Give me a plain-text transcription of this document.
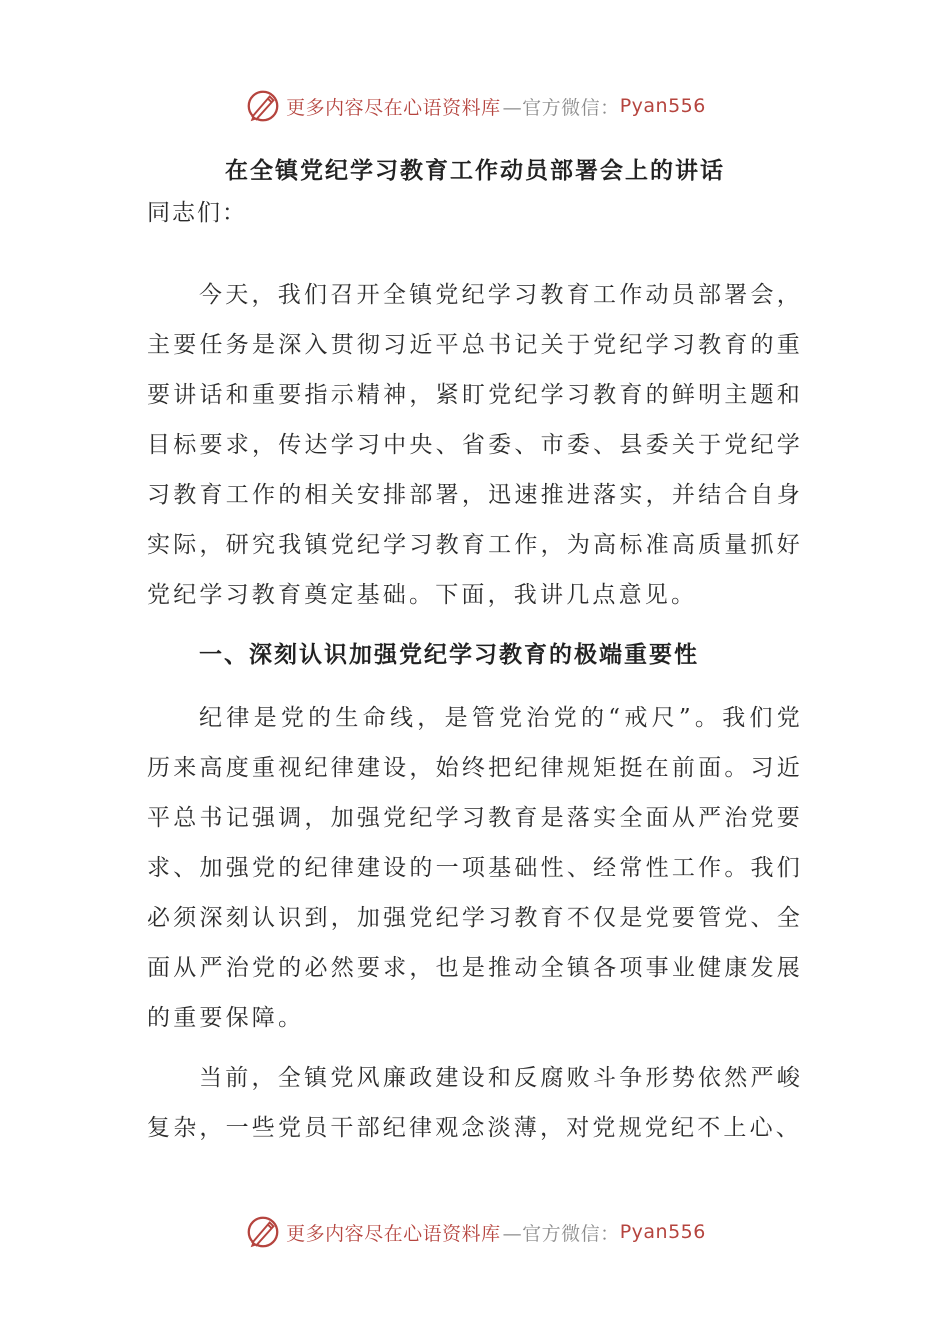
更多内容尽在心语资料库 —官方微信： Pyan556
在全镇党纪学习教育工作动员部署会上的讲话
同志们：

今天，我们召开全镇党纪学习教育工作动员部署会，主要任务是深入贯彻习近平总书记关于党纪学习教育的重要讲话和重要指示精神，紧盯党纪学习教育的鲜明主题和目标要求，传达学习中央、省委、市委、县委关于党纪学习教育工作的相关安排部署，迅速推进落实，并结合自身实际，研究我镇党纪学习教育工作，为高标准高质量抓好党纪学习教育奠定基础。下面，我讲几点意见。

一、深刻认识加强党纪学习教育的极端重要性

纪律是党的生命线，是管党治党的“戒尺”。我们党历来高度重视纪律建设，始终把纪律规矩挺在前面。习近平总书记强调，加强党纪学习教育是落实全面从严治党要求、加强党的纪律建设的一项基础性、经常性工作。我们必须深刻认识到，加强党纪学习教育不仅是党要管党、全面从严治党的必然要求，也是推动全镇各项事业健康发展的重要保障。

当前，全镇党风廉政建设和反腐败斗争形势依然严峻复杂，一些党员干部纪律观念淡薄，对党规党纪不上心、

更多内容尽在心语资料库 —官方微信： Pyan556
